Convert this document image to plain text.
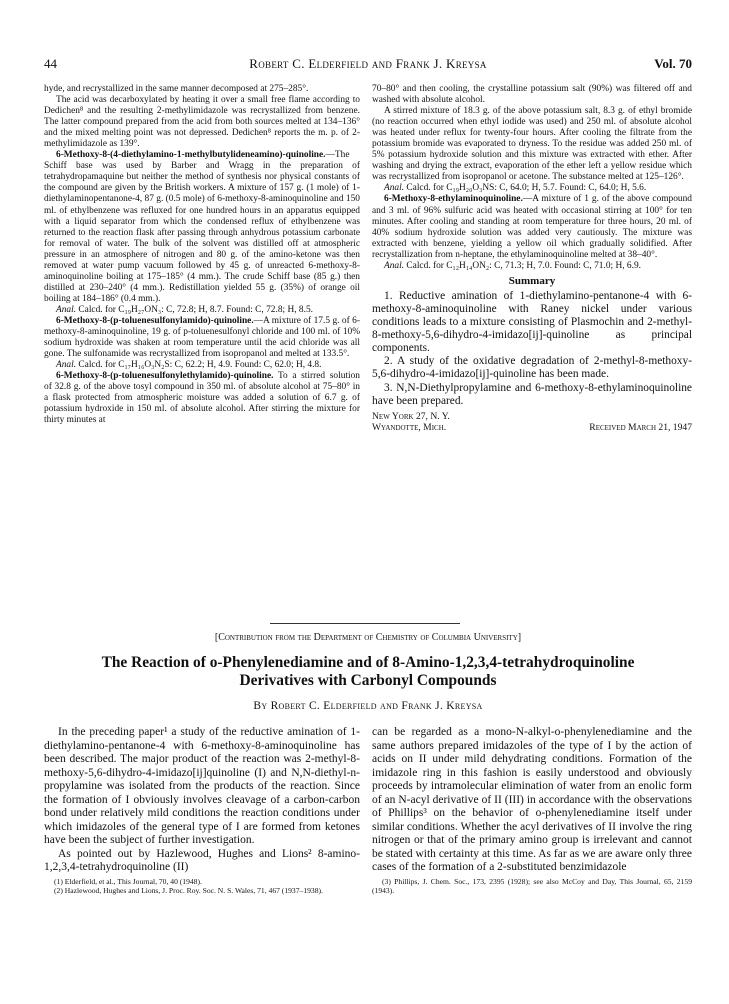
44	Robert C. Elderfield and Frank J. Kreysa	Vol. 70

hyde, and recrystallized in the same manner decomposed at 275–285°.

The acid was decarboxylated by heating it over a small free flame according to Dedichen⁸ and the resulting 2-methylimidazole was recrystallized from benzene. The latter compound prepared from the acid from both sources melted at 134–136° and the mixed melting point was not depressed. Dedichen⁸ reports the m. p. of 2-methylimidazole as 139°.

6-Methoxy-8-(4-diethylamino-1-methylbutylideneamino)-quinoline.—The Schiff base was used by Barber and Wragg in the preparation of tetrahydropamaquine but neither the method of synthesis nor physical constants of the compound are given by the British workers. A mixture of 157 g. (1 mole) of 1-diethylaminopentanone-4, 87 g. (0.5 mole) of 6-methoxy-8-aminoquinoline and 150 ml. of ethylbenzene was refluxed for one hundred hours in an apparatus equipped with a liquid separator from which the condensed reflux of ethylbenzene was returned to the reaction flask after passing through anhydrous potassium carbonate for removal of water. The bulk of the solvent was distilled off at atmospheric pressure in an atmosphere of nitrogen and 80 g. of the amino-ketone was then removed at water pump vacuum followed by 45 g. of unreacted 6-methoxy-8-aminoquinoline boiling at 175–185° (4 mm.). The crude Schiff base (85 g.) then distilled at 230–240° (4 mm.). Redistillation yielded 55 g. (35%) of orange oil boiling at 184–186° (0.4 mm.).

Anal. Calcd. for C₁₉H₂₇ON₃: C, 72.8; H, 8.7. Found: C, 72.8; H, 8.5.

6-Methoxy-8-(p-toluenesulfonylamido)-quinoline.—A mixture of 17.5 g. of 6-methoxy-8-aminoquinoline, 19 g. of p-toluenesulfonyl chloride and 100 ml. of 10% sodium hydroxide was shaken at room temperature until the acid chloride was all gone. The sulfonamide was recrystallized from isopropanol and melted at 133.5°.

Anal. Calcd. for C₁₇H₁₆O₃N₂S: C, 62.2; H, 4.9. Found: C, 62.0; H, 4.8.

6-Methoxy-8-(p-toluenesulfonylethylamido)-quinoline. To a stirred solution of 32.8 g. of the above tosyl compound in 350 ml. of absolute alcohol at 75–80° in a flask protected from atmospheric moisture was added a solution of 6.7 g. of potassium hydroxide in 150 ml. of absolute alcohol. After stirring the mixture for thirty minutes at

70–80° and then cooling, the crystalline potassium salt (90%) was filtered off and washed with absolute alcohol.

A stirred mixture of 18.3 g. of the above potassium salt, 8.3 g. of ethyl bromide (no reaction occurred when ethyl iodide was used) and 250 ml. of absolute alcohol was heated under reflux for twenty-four hours. After cooling the filtrate from the potassium bromide was evaporated to dryness. To the residue was added 250 ml. of 5% potassium hydroxide solution and this mixture was extracted with ether. After washing and drying the extract, evaporation of the ether left a yellow residue which was recrystallized from isopropanol or acetone. The substance melted at 125–126°.

Anal. Calcd. for C₁₉H₂₀O₃NS: C, 64.0; H, 5.7. Found: C, 64.0; H, 5.6.

6-Methoxy-8-ethylaminoquinoline.—A mixture of 1 g. of the above compound and 3 ml. of 96% sulfuric acid was heated with occasional stirring at 100° for ten minutes. After cooling and standing at room temperature for three hours, 20 ml. of 40% sodium hydroxide solution was added very cautiously. The mixture was extracted with benzene, yielding a yellow oil which gradually solidified. After recrystallization from n-heptane, the ethylaminoquinoline melted at 38–40°.

Anal. Calcd. for C₁₂H₁₄ON₂: C, 71.3; H, 7.0. Found: C, 71.0; H, 6.9.

Summary

1. Reductive amination of 1-diethylamino-pentanone-4 with 6-methoxy-8-aminoquinoline with Raney nickel under various conditions leads to a mixture consisting of Plasmochin and 2-methyl-8-methoxy-5,6-dihydro-4-imidazo[ij]-quinoline as principal components.

2. A study of the oxidative degradation of 2-methyl-8-methoxy-5,6-dihydro-4-imidazo[ij]-quinoline has been made.

3. N,N-Diethylpropylamine and 6-methoxy-8-ethylaminoquinoline have been prepared.

New York 27, N. Y.
Wyandotte, Mich.	Received March 21, 1947
[Contribution from the Department of Chemistry of Columbia University]
The Reaction of o-Phenylenediamine and of 8-Amino-1,2,3,4-tetrahydroquinoline
Derivatives with Carbonyl Compounds
By Robert C. Elderfield and Frank J. Kreysa

In the preceding paper¹ a study of the reductive amination of 1-diethylamino-pentanone-4 with 6-methoxy-8-aminoquinoline has been described. The major product of the reaction was 2-methyl-8-methoxy-5,6-dihydro-4-imidazo[ij]quinoline (I) and N,N-diethyl-n-propylamine was isolated from the products of the reaction. Since the formation of I obviously involves cleavage of a carbon-carbon bond under relatively mild conditions the reaction conditions under which imidazoles of the general type of I are formed from ketones have been the subject of further investigation.

As pointed out by Hazlewood, Hughes and Lions² 8-amino-1,2,3,4-tetrahydroquinoline (II)

(1) Elderfield, et al., This Journal, 70, 40 (1948).

(2) Hazlewood, Hughes and Lions, J. Proc. Roy. Soc. N. S. Wales, 71, 467 (1937–1938).

can be regarded as a mono-N-alkyl-o-phenylenediamine and the same authors prepared imidazoles of the type of I by the action of acids on II under mild dehydrating conditions. Formation of the imidazole ring in this fashion is easily understood and obviously proceeds by intramolecular elimination of water from an enolic form of an N-acyl derivative of II (III) in accordance with the observations of Phillips³ on the behavior of o-phenylenediamine itself under similar conditions. Whether the acyl derivatives of II involve the ring nitrogen or that of the primary amino group is irrelevant and cannot be stated with certainty at this time. As far as we are aware only three cases of the formation of a 2-substituted benzimidazole

(3) Phillips, J. Chem. Soc., 173, 2395 (1928); see also McCoy and Day, This Journal, 65, 2159 (1943).
